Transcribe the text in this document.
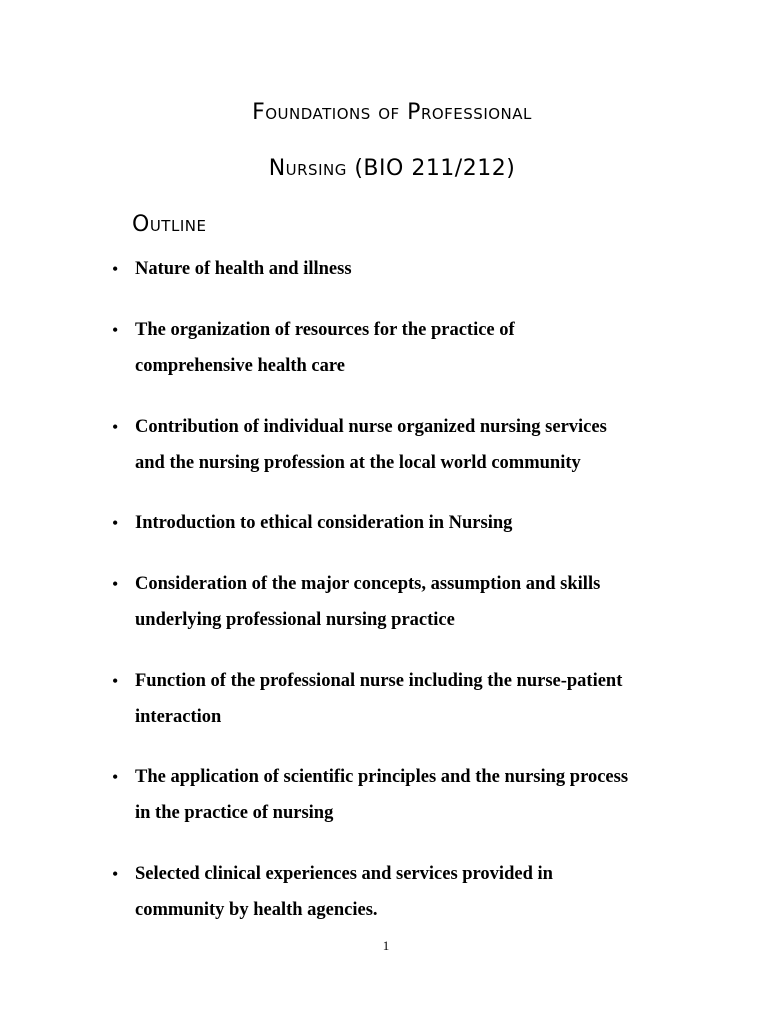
Foundations of Professional
Nursing (BIO 211/212)
Outline
• Nature of health and illness
• The organization of resources for the practice of
comprehensive health care
• Contribution of individual nurse organized nursing services
and the nursing profession at the local world community
• Introduction to ethical consideration in Nursing
• Consideration of the major concepts, assumption and skills
underlying professional nursing practice
• Function of the professional nurse including the nurse-patient
interaction
• The application of scientific principles and the nursing process
in the practice of nursing
• Selected clinical experiences and services provided in
community by health agencies.
1
